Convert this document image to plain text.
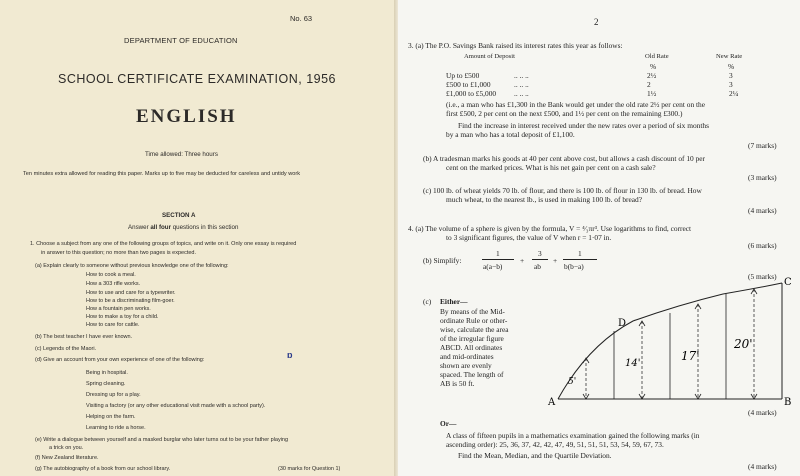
No. 63
DEPARTMENT OF EDUCATION
SCHOOL CERTIFICATE EXAMINATION, 1956
ENGLISH
Time allowed: Three hours
Ten minutes extra allowed for reading this paper. Marks up to five may be deducted for careless and untidy work
SECTION A
Answer all four questions in this section
1. Choose a subject from any one of the following groups of topics, and write on it. Only one essay is required
in answer to this question; no more than two pages is expected.
(a) Explain clearly to someone without previous knowledge one of the following:
How to cook a meal.
How a 303 rifle works.
How to use and care for a typewriter.
How to be a discriminating film-goer.
How a fountain pen works.
How to make a toy for a child.
How to care for cattle.
(b) The best teacher I have ever known.
(c) Legends of the Maori.
(d) Give an account from your own experience of one of the following:	ɒ
Being in hospital.
Spring cleaning.
Dressing up for a play.
Visiting a factory (or any other educational visit made with a school party).
Helping on the farm.
Learning to ride a horse.
(e) Write a dialogue between yourself and a masked burglar who later turns out to be your father playing
a trick on you.
(f) New Zealand literature.
(g) The autobiography of a book from our school library.	(30 marks for Question 1)
2
3. (a) The P.O. Savings Bank raised its interest rates this year as follows:
Amount of Deposit	Old Rate	New Rate
%	%
Up to £500	.. .. ..	2½	3
£500 to £1,000	.. .. ..	2	3
£1,000 to £5,000 .. .. ..	1½	2¼
(i.e., a man who has £1,300 in the Bank would get under the old rate 2½ per cent on the
first £500, 2 per cent on the next £500, and 1½ per cent on the remaining £300.)
Find the increase in interest received under the new rates over a period of six months
by a man who has a total deposit of £1,100.
(7 marks)
(b) A tradesman marks his goods at 40 per cent above cost, but allows a cash discount of 10 per
cent on the marked prices. What is his net gain per cent on a cash sale?
(3 marks)
(c) 100 lb. of wheat yields 70 lb. of flour, and there is 100 lb. of flour in 130 lb. of bread. How
much wheat, to the nearest lb., is used in making 100 lb. of bread?
(4 marks)
4. (a) The volume of a sphere is given by the formula, V = ⁴⁄₃πr³. Use logarithms to find, correct
to 3 significant figures, the value of V when r = 1·07 in.
(6 marks)
(b) Simplify:
1
a(a−b)
+
3
ab
+
1
b(b−a)
(5 marks)
(c) Either—
By means of the Mid-
ordinate Rule or other-
wise, calculate the area
of the irregular figure
ABCD. All ordinates
and mid-ordinates
shown are evenly
spaced. The length of
AB is 50 ft.
A	B
C
D
5'
14'
17'
20'
(4 marks)
Or—
A class of fifteen pupils in a mathematics examination gained the following marks (in
ascending order): 25, 36, 37, 42, 42, 47, 49, 51, 51, 51, 53, 54, 59, 67, 73.
Find the Mean, Median, and the Quartile Deviation.
(4 marks)
